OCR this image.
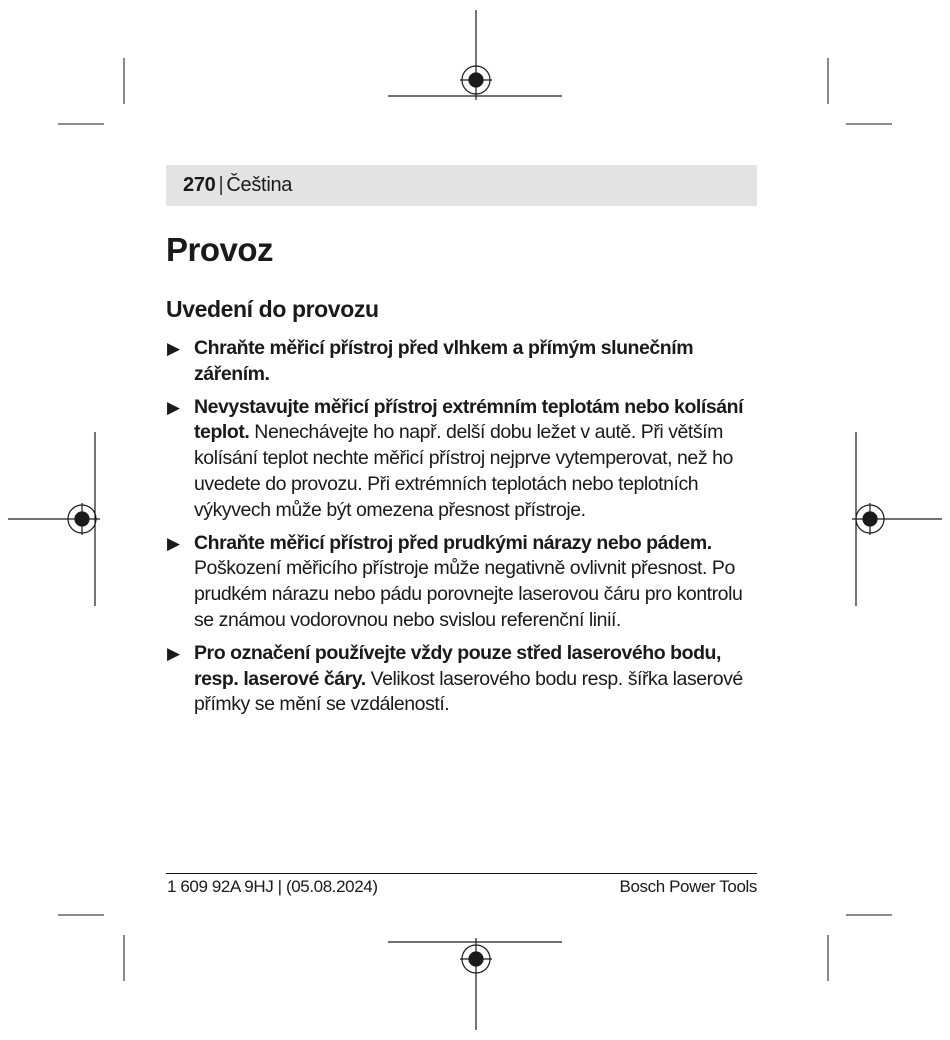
270 | Čeština
Provoz
Uvedení do provozu
▶ Chraňte měřicí přístroj před vlhkem a přímým slunečním zářením.
▶ Nevystavujte měřicí přístroj extrémním teplotám nebo kolísání teplot. Nenechávejte ho např. delší dobu ležet v autě. Při větším kolísání teplot nechte měřicí přístroj nejprve vytemperovat, než ho uvedete do provozu. Při extrémních teplotách nebo teplotních výkyvech může být omezena přesnost přístroje.
▶ Chraňte měřicí přístroj před prudkými nárazy nebo pádem. Poškození měřicího přístroje může negativně ovlivnit přesnost. Po prudkém nárazu nebo pádu porovnejte laserovou čáru pro kontrolu se známou vodorovnou nebo svislou referenční linií.
▶ Pro označení používejte vždy pouze střed laserového bodu, resp. laserové čáry. Velikost laserového bodu resp. šířka laserové přímky se mění se vzdáleností.
1 609 92A 9HJ | (05.08.2024)	Bosch Power Tools
